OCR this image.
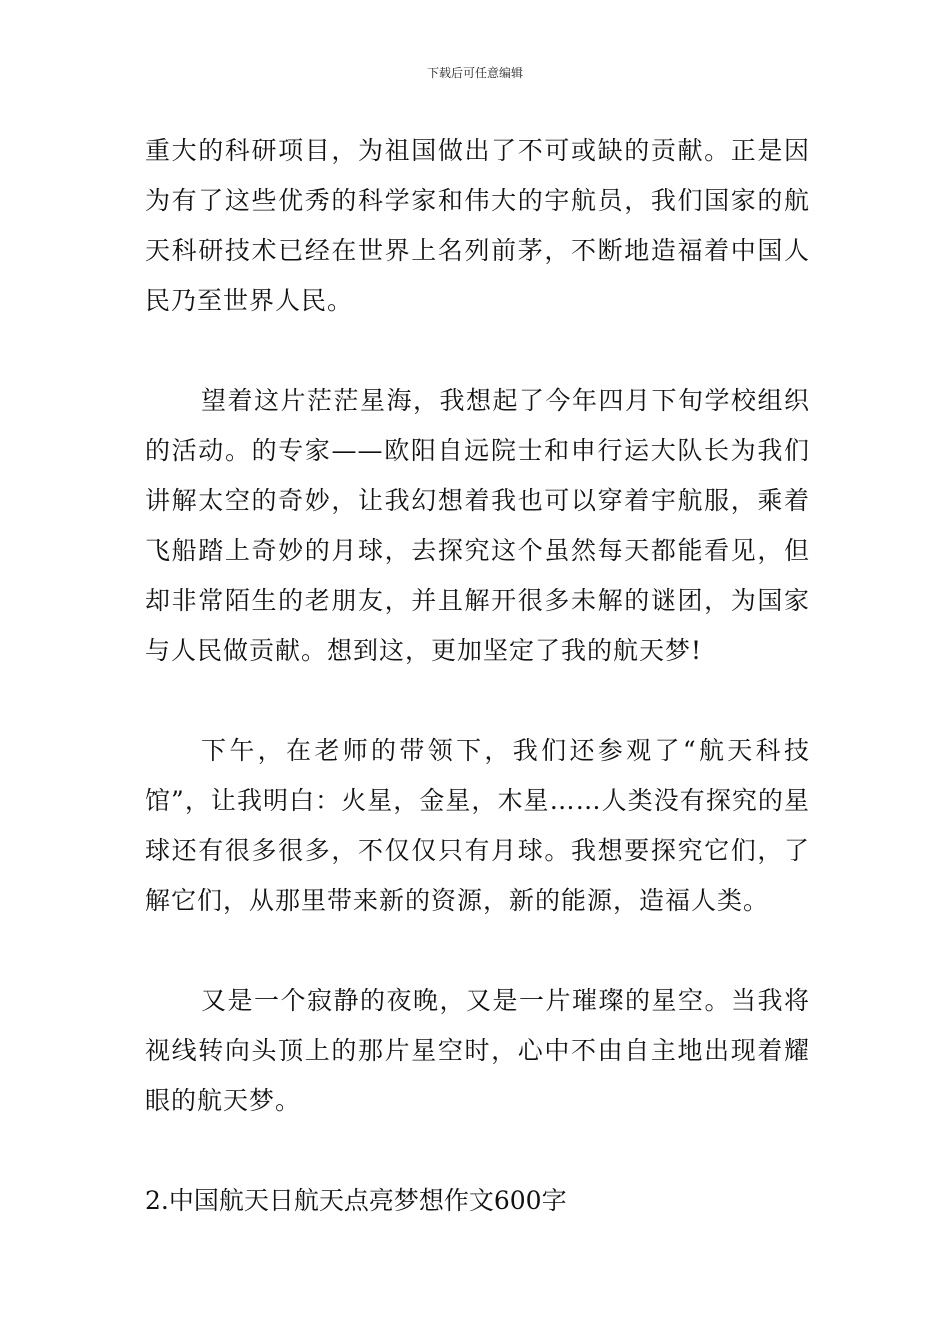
下载后可任意编辑

重大的科研项目，为祖国做出了不可或缺的贡献。正是因为有了这些优秀的科学家和伟大的宇航员，我们国家的航天科研技术已经在世界上名列前茅，不断地造福着中国人民乃至世界人民。

望着这片茫茫星海，我想起了今年四月下旬学校组织的活动。的专家——欧阳自远院士和申行运大队长为我们讲解太空的奇妙，让我幻想着我也可以穿着宇航服，乘着飞船踏上奇妙的月球，去探究这个虽然每天都能看见，但却非常陌生的老朋友，并且解开很多未解的谜团，为国家与人民做贡献。想到这，更加坚定了我的航天梦!

下午，在老师的带领下，我们还参观了“航天科技馆”，让我明白：火星，金星，木星……人类没有探究的星球还有很多很多，不仅仅只有月球。我想要探究它们，了解它们，从那里带来新的资源，新的能源，造福人类。

又是一个寂静的夜晚，又是一片璀璨的星空。当我将视线转向头顶上的那片星空时，心中不由自主地出现着耀眼的航天梦。

2.中国航天日航天点亮梦想作文600字
